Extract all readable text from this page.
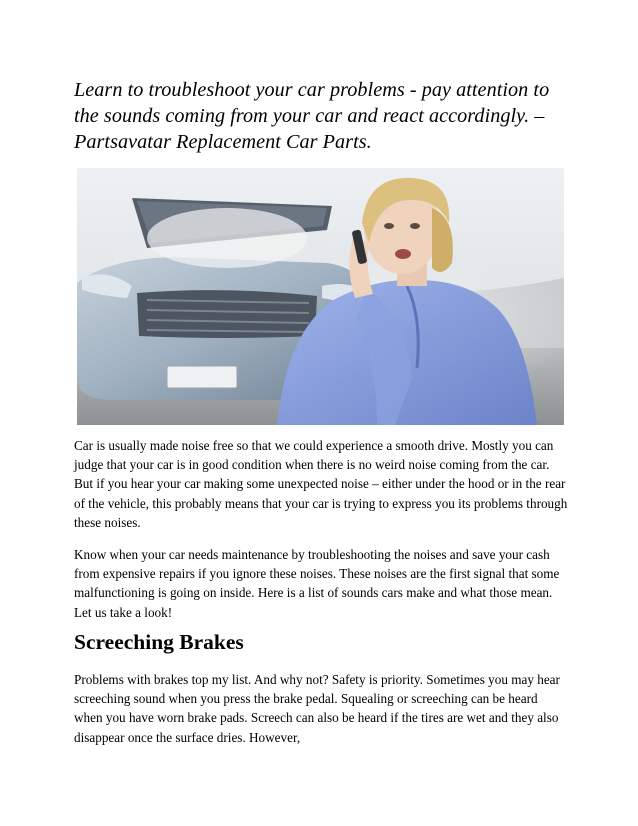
Learn to troubleshoot your car problems - pay attention to the sounds coming from your car and react accordingly. – Partsavatar Replacement Car Parts.

Car is usually made noise free so that we could experience a smooth drive. Mostly you can judge that your car is in good condition when there is no weird noise coming from the car. But if you hear your car making some unexpected noise – either under the hood or in the rear of the vehicle, this probably means that your car is trying to express you its problems through these noises.

Know when your car needs maintenance by troubleshooting the noises and save your cash from expensive repairs if you ignore these noises. These noises are the first signal that some malfunctioning is going on inside. Here is a list of sounds cars make and what those mean. Let us take a look!

Screeching Brakes

Problems with brakes top my list. And why not? Safety is priority. Sometimes you may hear screeching sound when you press the brake pedal. Squealing or screeching can be heard when you have worn brake pads. Screech can also be heard if the tires are wet and they also disappear once the surface dries. However,
